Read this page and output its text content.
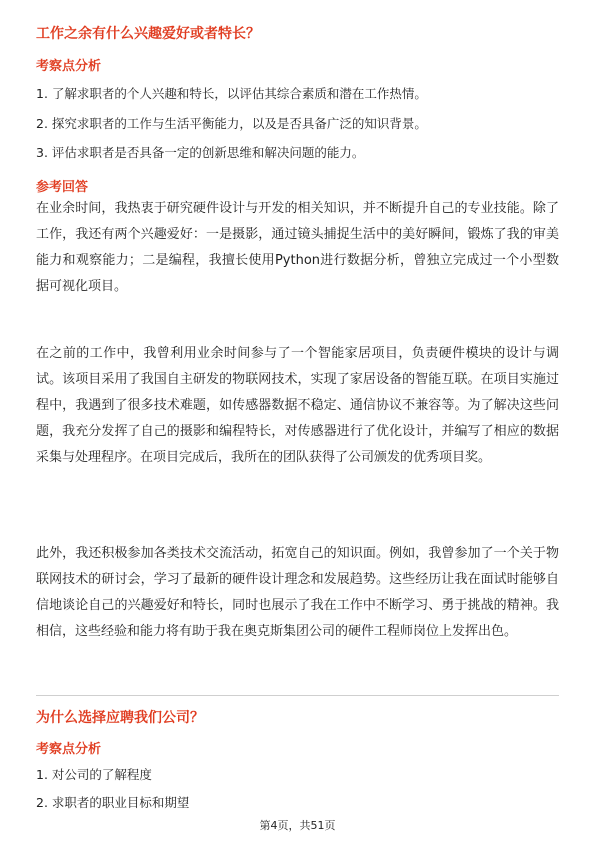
工作之余有什么兴趣爱好或者特长？
考察点分析
1. 了解求职者的个人兴趣和特长，以评估其综合素质和潜在工作热情。
2. 探究求职者的工作与生活平衡能力，以及是否具备广泛的知识背景。
3. 评估求职者是否具备一定的创新思维和解决问题的能力。
参考回答
在业余时间，我热衷于研究硬件设计与开发的相关知识，并不断提升自己的专业技能。除了工作，我还有两个兴趣爱好：一是摄影，通过镜头捕捉生活中的美好瞬间，锻炼了我的审美能力和观察能力；二是编程，我擅长使用Python进行数据分析，曾独立完成过一个小型数据可视化项目。
在之前的工作中，我曾利用业余时间参与了一个智能家居项目，负责硬件模块的设计与调试。该项目采用了我国自主研发的物联网技术，实现了家居设备的智能互联。在项目实施过程中，我遇到了很多技术难题，如传感器数据不稳定、通信协议不兼容等。为了解决这些问题，我充分发挥了自己的摄影和编程特长，对传感器进行了优化设计，并编写了相应的数据采集与处理程序。在项目完成后，我所在的团队获得了公司颁发的优秀项目奖。
此外，我还积极参加各类技术交流活动，拓宽自己的知识面。例如，我曾参加了一个关于物联网技术的研讨会，学习了最新的硬件设计理念和发展趋势。这些经历让我在面试时能够自信地谈论自己的兴趣爱好和特长，同时也展示了我在工作中不断学习、勇于挑战的精神。我相信，这些经验和能力将有助于我在奥克斯集团公司的硬件工程师岗位上发挥出色。
为什么选择应聘我们公司？
考察点分析
1. 对公司的了解程度
2. 求职者的职业目标和期望
第4页，共51页
